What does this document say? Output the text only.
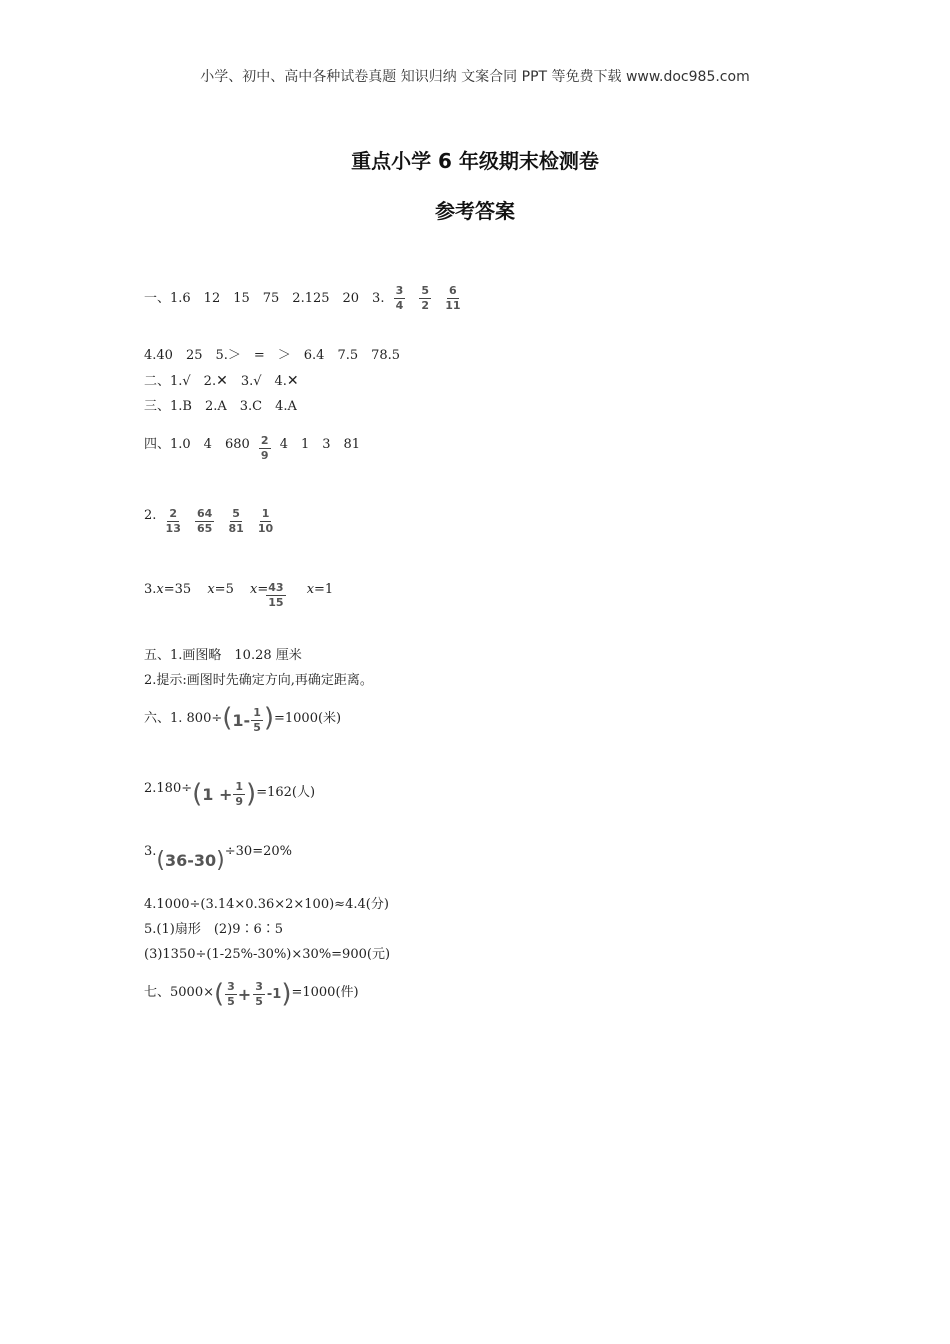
小学、初中、高中各种试卷真题 知识归纳 文案合同 PPT 等免费下载 www.doc985.com
重点小学 6 年级期末检测卷
参考答案
一、1.6　12　15　75　2.125　20　3. $\frac{3}{4}$
$\frac{5}{2}$
$\frac{6}{11}$
4.40　25　5.＞　=　＞　6.4　7.5　78.5
二、1.√　2.✕　3.√　4.✕
三、1.B　2.A　3.C　4.A
四、1.0　4　$680 \frac{2}{9} 4$　1　3　81
2. $\frac{2}{13}$
$\frac{64}{65}$
$\frac{5}{81}$
$\frac{1}{10}$
3.x=35 x=5 x=
$\frac{43}{15} x=1$
五、1.画图略　10.28 厘米
2.提示:画图时先确定方向,再确定距离。
六、1. $800\div(1- \frac{1}{5} )=1000$(米)
$2.180\div(1 + \frac{1}{9} )=162$(人)
3.(36-30)÷30=20%
4.1000÷(3.14×0.36×2×100)≈4.4(分)
5.(1)扇形　(2)9∶6∶5
(3)1350÷(1-25%-30%)×30%=900(元)
七、$5000\times( \frac{3}{5} + \frac{3}{5} -1)=1000$(件)
